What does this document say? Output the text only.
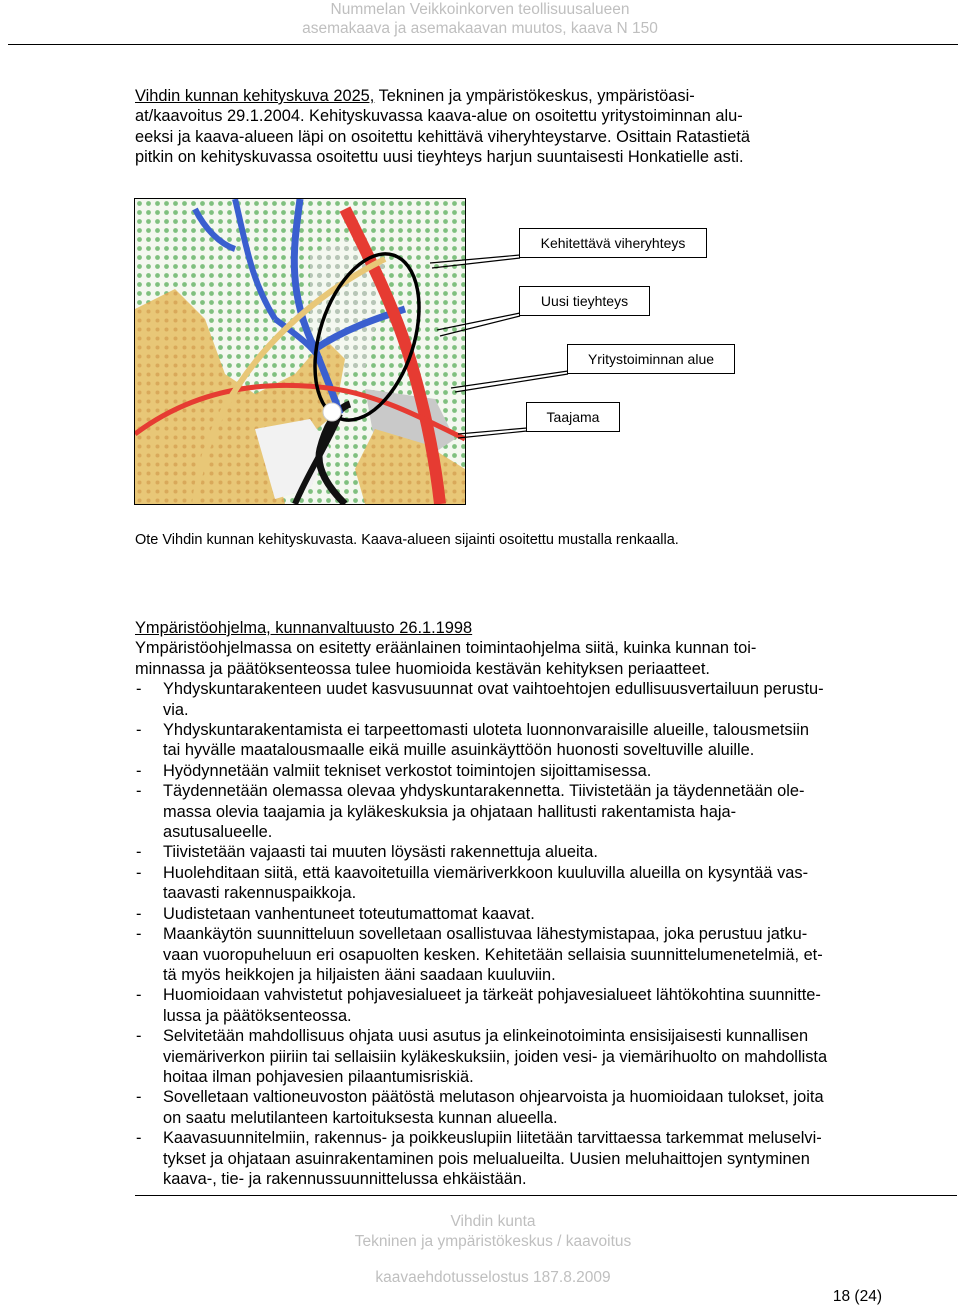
Nummelan Veikkoinkorven teollisuusalueen
asemakaava ja asemakaavan muutos, kaava N 150
Vihdin kunnan kehityskuva 2025, Tekninen ja ympäristökeskus, ympäristöasi-
at/kaavoitus 29.1.2004. Kehityskuvassa kaava-alue on osoitettu yritystoiminnan alu-
eeksi ja kaava-alueen läpi on osoitettu kehittävä viheryhteystarve. Osittain Ratastietä
pitkin on kehityskuvassa osoitettu uusi tieyhteys harjun suuntaisesti Honkatielle asti.
Kehitettävä viheryhteys
Uusi tieyhteys
Yritystoiminnan alue
Taajama
Ote Vihdin kunnan kehityskuvasta. Kaava-alueen sijainti osoitettu mustalla renkaalla.
Ympäristöohjelma, kunnanvaltuusto 26.1.1998
Ympäristöohjelmassa on esitetty eräänlainen toimintaohjelma siitä, kuinka kunnan toi-
minnassa ja päätöksenteossa tulee huomioida kestävän kehityksen periaatteet.
- Yhdyskuntarakenteen uudet kasvusuunnat ovat vaihtoehtojen edullisuusvertailuun perustu-
via.
- Yhdyskuntarakentamista ei tarpeettomasti uloteta luonnonvaraisille alueille, talousmetsiin
tai hyvälle maatalousmaalle eikä muille asuinkäyttöön huonosti soveltuville aluille.
- Hyödynnetään valmiit tekniset verkostot toimintojen sijoittamisessa.
- Täydennetään olemassa olevaa yhdyskuntarakennetta. Tiivistetään ja täydennetään ole-
massa olevia taajamia ja kyläkeskuksia ja ohjataan hallitusti rakentamista haja-
asutusalueelle.
- Tiivistetään vajaasti tai muuten löysästi rakennettuja alueita.
- Huolehditaan siitä, että kaavoitetuilla viemäriverkkoon kuuluvilla alueilla on kysyntää vas-
taavasti rakennuspaikkoja.
- Uudistetaan vanhentuneet toteutumattomat kaavat.
- Maankäytön suunnitteluun sovelletaan osallistuvaa lähestymistapaa, joka perustuu jatku-
vaan vuoropuheluun eri osapuolten kesken. Kehitetään sellaisia suunnittelumenetelmiä, et-
tä myös heikkojen ja hiljaisten ääni saadaan kuuluviin.
- Huomioidaan vahvistetut pohjavesialueet ja tärkeät pohjavesialueet lähtökohtina suunnitte-
lussa ja päätöksenteossa.
- Selvitetään mahdollisuus ohjata uusi asutus ja elinkeinotoiminta ensisijaisesti kunnallisen
viemäriverkon piiriin tai sellaisiin kyläkeskuksiin, joiden vesi- ja viemärihuolto on mahdollista
hoitaa ilman pohjavesien pilaantumisriskiä.
- Sovelletaan valtioneuvoston päätöstä melutason ohjearvoista ja huomioidaan tulokset, joita
on saatu melutilanteen kartoituksesta kunnan alueella.
- Kaavasuunnitelmiin, rakennus- ja poikkeuslupiin liitetään tarvittaessa tarkemmat meluselvi-
tykset ja ohjataan asuinrakentaminen pois melualueilta. Uusien meluhaittojen syntyminen
kaava-, tie- ja rakennussuunnittelussa ehkäistään.
Vihdin kunta
Tekninen ja ympäristökeskus / kaavoitus
kaavaehdotusselostus 187.8.2009
18 (24)
